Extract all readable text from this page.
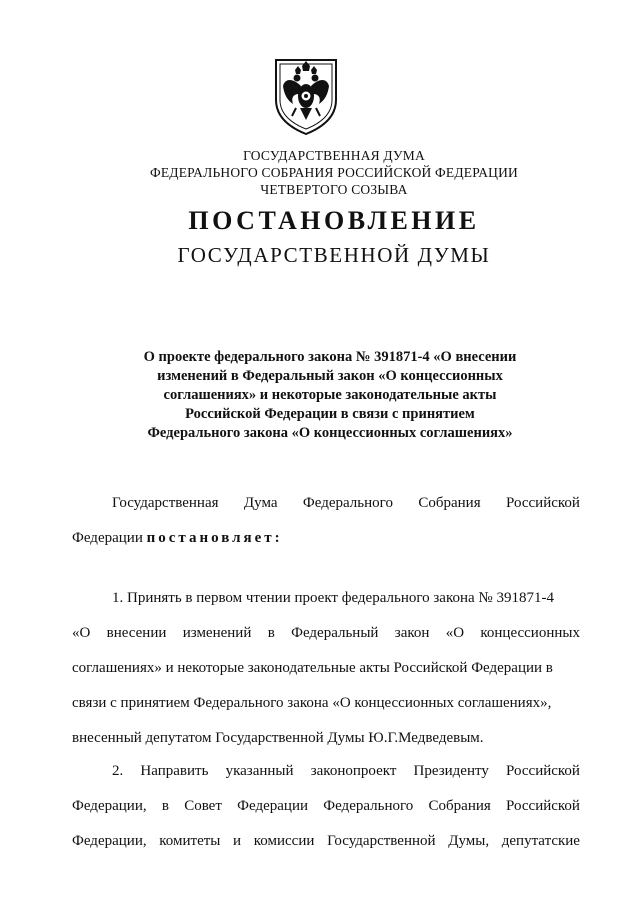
ГОСУДАРСТВЕННАЯ ДУМА
ФЕДЕРАЛЬНОГО СОБРАНИЯ РОССИЙСКОЙ ФЕДЕРАЦИИ
ЧЕТВЕРТОГО СОЗЫВА
ПОСТАНОВЛЕНИЕ
ГОСУДАРСТВЕННОЙ ДУМЫ
О проекте федерального закона № 391871-4 «О внесении
изменений в Федеральный закон «О концессионных
соглашениях» и некоторые законодательные акты
Российской Федерации в связи с принятием
Федерального закона «О концессионных соглашениях»
Государственная Дума Федерального Собрания Российской
Федерации постановляет:
1. Принять в первом чтении проект федерального закона № 391871-4
«О внесении изменений в Федеральный закон «О концессионных
соглашениях» и некоторые законодательные акты Российской Федерации в
связи с принятием Федерального закона «О концессионных соглашениях»,
внесенный депутатом Государственной Думы Ю.Г.Медведевым.
2. Направить указанный законопроект Президенту Российской
Федерации, в Совет Федерации Федерального Собрания Российской
Федерации, комитеты и комиссии Государственной Думы, депутатские
